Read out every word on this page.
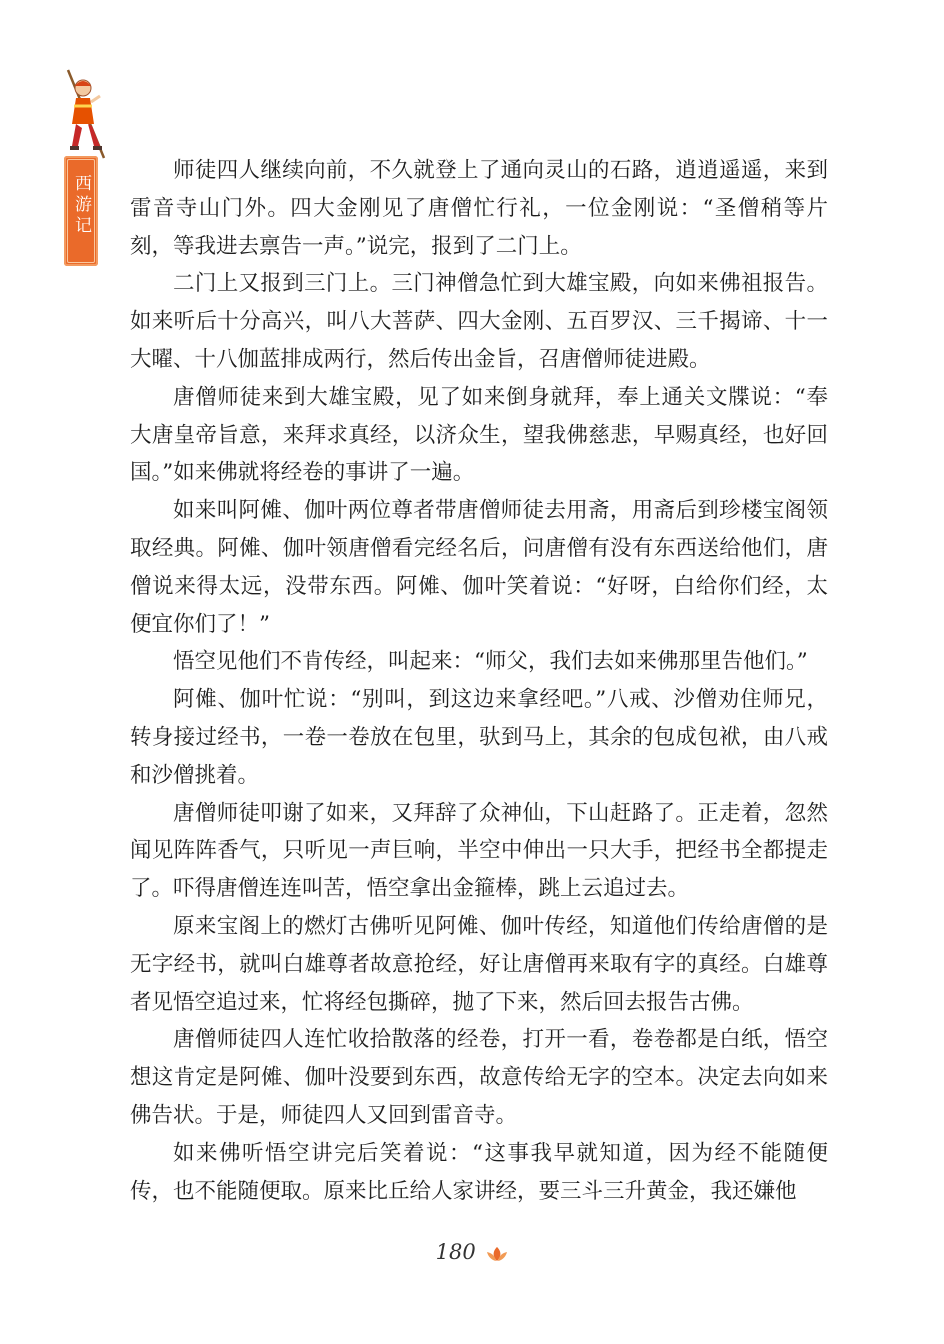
西游记

师徒四人继续向前，不久就登上了通向灵山的石路，逍逍遥遥，来到雷音寺山门外。四大金刚见了唐僧忙行礼，一位金刚说：“圣僧稍等片刻，等我进去禀告一声。”说完，报到了二门上。

二门上又报到三门上。三门神僧急忙到大雄宝殿，向如来佛祖报告。如来听后十分高兴，叫八大菩萨、四大金刚、五百罗汉、三千揭谛、十一大曜、十八伽蓝排成两行，然后传出金旨，召唐僧师徒进殿。

唐僧师徒来到大雄宝殿，见了如来倒身就拜，奉上通关文牒说：“奉大唐皇帝旨意，来拜求真经，以济众生，望我佛慈悲，早赐真经，也好回国。”如来佛就将经卷的事讲了一遍。

如来叫阿傩、伽叶两位尊者带唐僧师徒去用斋，用斋后到珍楼宝阁领取经典。阿傩、伽叶领唐僧看完经名后，问唐僧有没有东西送给他们，唐僧说来得太远，没带东西。阿傩、伽叶笑着说：“好呀，白给你们经，太便宜你们了！”

悟空见他们不肯传经，叫起来：“师父，我们去如来佛那里告他们。”

阿傩、伽叶忙说：“别叫，到这边来拿经吧。”八戒、沙僧劝住师兄，转身接过经书，一卷一卷放在包里，驮到马上，其余的包成包袱，由八戒和沙僧挑着。

唐僧师徒叩谢了如来，又拜辞了众神仙，下山赶路了。正走着，忽然闻见阵阵香气，只听见一声巨响，半空中伸出一只大手，把经书全都提走了。吓得唐僧连连叫苦，悟空拿出金箍棒，跳上云追过去。

原来宝阁上的燃灯古佛听见阿傩、伽叶传经，知道他们传给唐僧的是无字经书，就叫白雄尊者故意抢经，好让唐僧再来取有字的真经。白雄尊者见悟空追过来，忙将经包撕碎，抛了下来，然后回去报告古佛。

唐僧师徒四人连忙收拾散落的经卷，打开一看，卷卷都是白纸，悟空想这肯定是阿傩、伽叶没要到东西，故意传给无字的空本。决定去向如来佛告状。于是，师徒四人又回到雷音寺。

如来佛听悟空讲完后笑着说：“这事我早就知道，因为经不能随便传，也不能随便取。原来比丘给人家讲经，要三斗三升黄金，我还嫌他

180
